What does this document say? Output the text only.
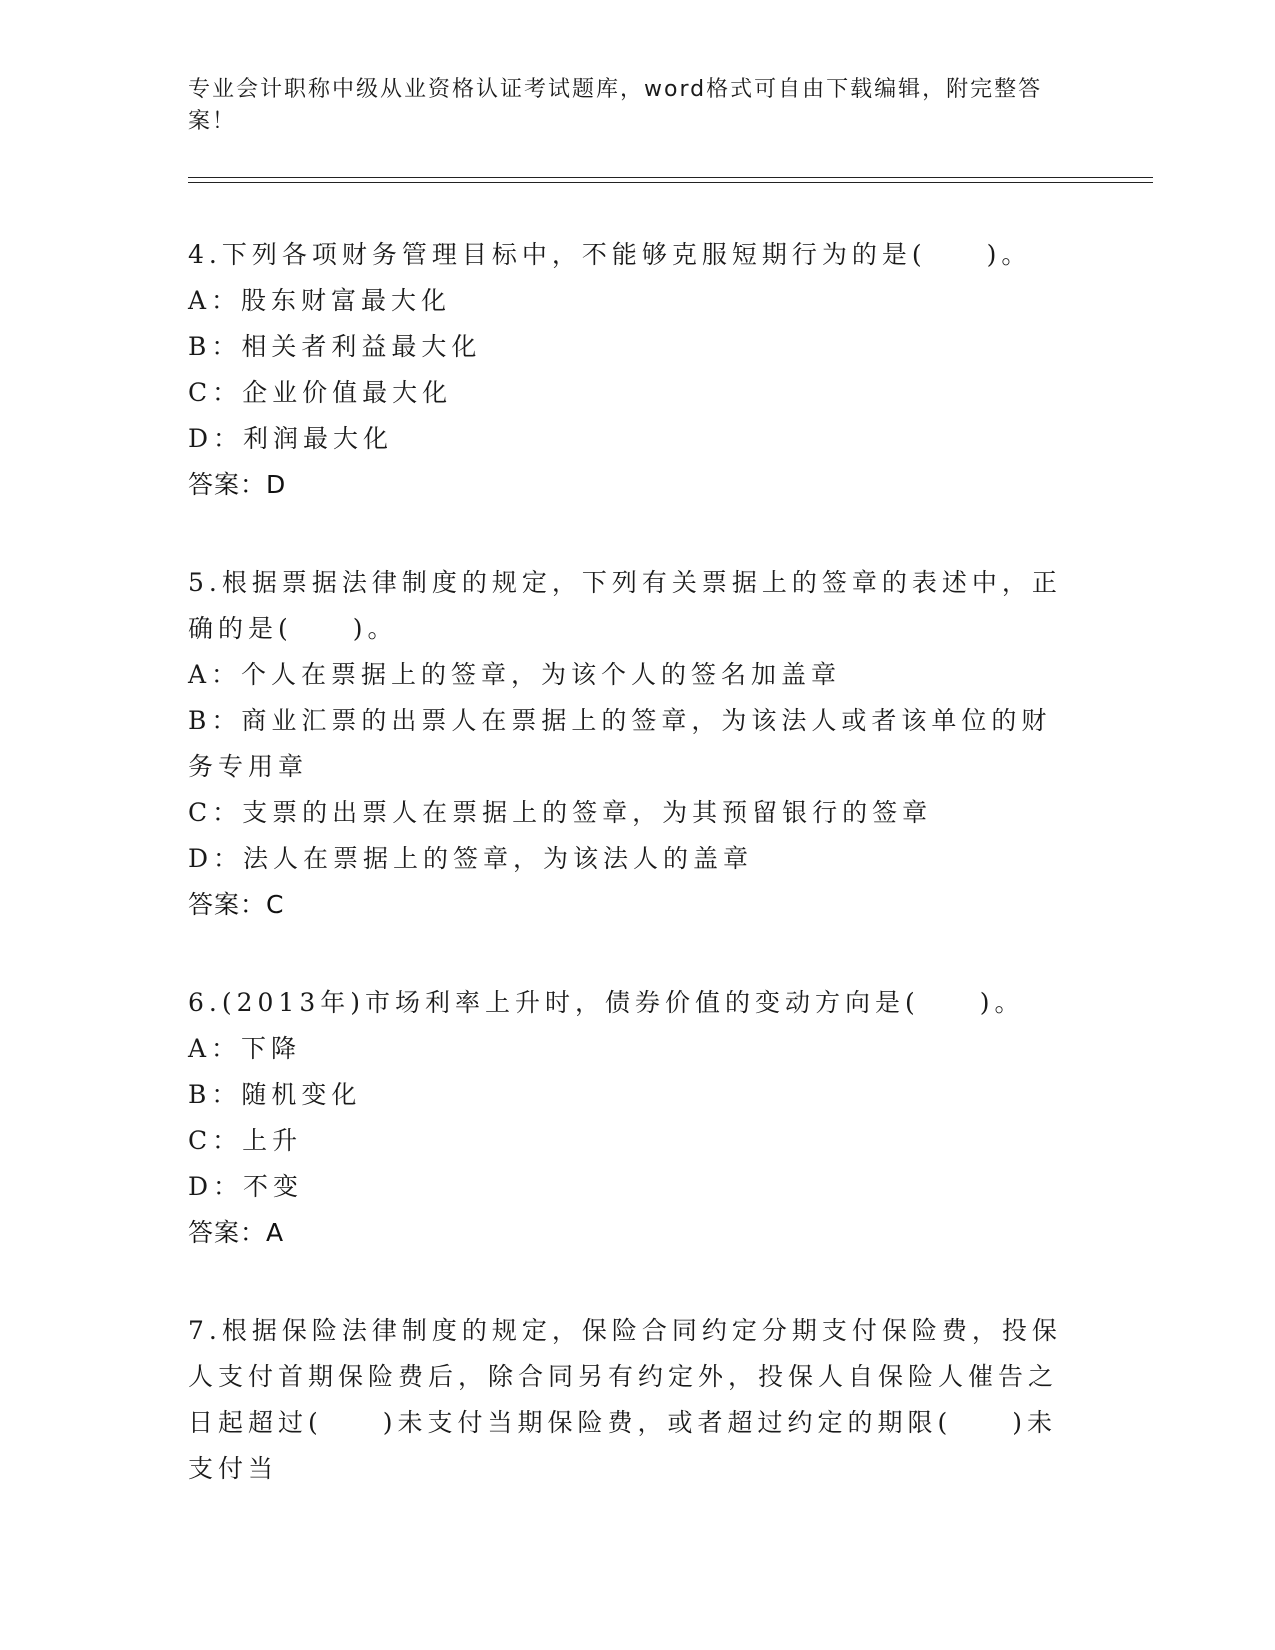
专业会计职称中级从业资格认证考试题库，word格式可自由下载编辑，附完整答案！
4.下列各项财务管理目标中，不能够克服短期行为的是(　　)。
A：股东财富最大化
B：相关者利益最大化
C：企业价值最大化
D：利润最大化
答案：D
5.根据票据法律制度的规定，下列有关票据上的签章的表述中，正确的是(　　)。
A：个人在票据上的签章，为该个人的签名加盖章
B：商业汇票的出票人在票据上的签章，为该法人或者该单位的财务专用章
C：支票的出票人在票据上的签章，为其预留银行的签章
D：法人在票据上的签章，为该法人的盖章
答案：C
6.(2013年)市场利率上升时，债券价值的变动方向是(　　)。
A：下降
B：随机变化
C：上升
D：不变
答案：A
7.根据保险法律制度的规定，保险合同约定分期支付保险费，投保人支付首期保险费后，除合同另有约定外，投保人自保险人催告之日起超过(　　)未支付当期保险费，或者超过约定的期限(　　)未支付当
